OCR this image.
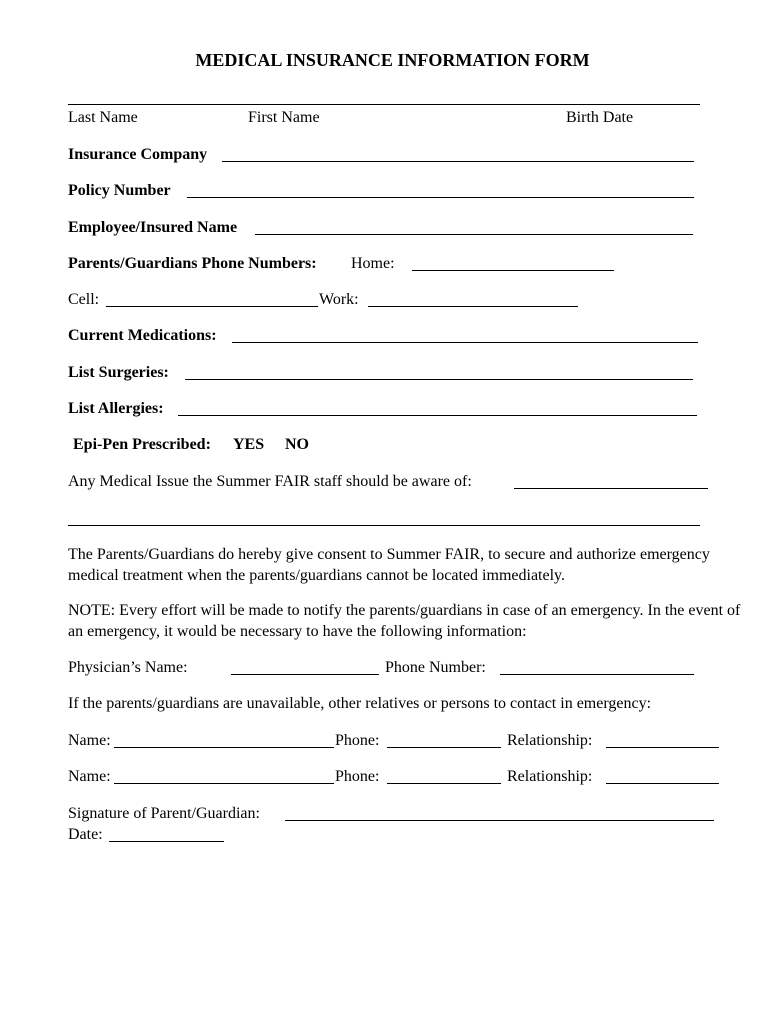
MEDICAL INSURANCE INFORMATION FORM
Last Name	First Name	Birth Date
Insurance Company
Policy Number
Employee/Insured Name
Parents/Guardians Phone Numbers: Home:
Cell:	Work:
Current Medications:
List Surgeries:
List Allergies:
Epi-Pen Prescribed: YES NO
Any Medical Issue the Summer FAIR staff should be aware of:
The Parents/Guardians do hereby give consent to Summer FAIR, to secure and authorize emergency medical treatment when the parents/guardians cannot be located immediately.
NOTE: Every effort will be made to notify the parents/guardians in case of an emergency. In the event of an emergency, it would be necessary to have the following information:
Physician’s Name:	Phone Number:
If the parents/guardians are unavailable, other relatives or persons to contact in emergency:
Name:	Phone:	Relationship:
Name:	Phone:	Relationship:
Signature of Parent/Guardian:
Date:
